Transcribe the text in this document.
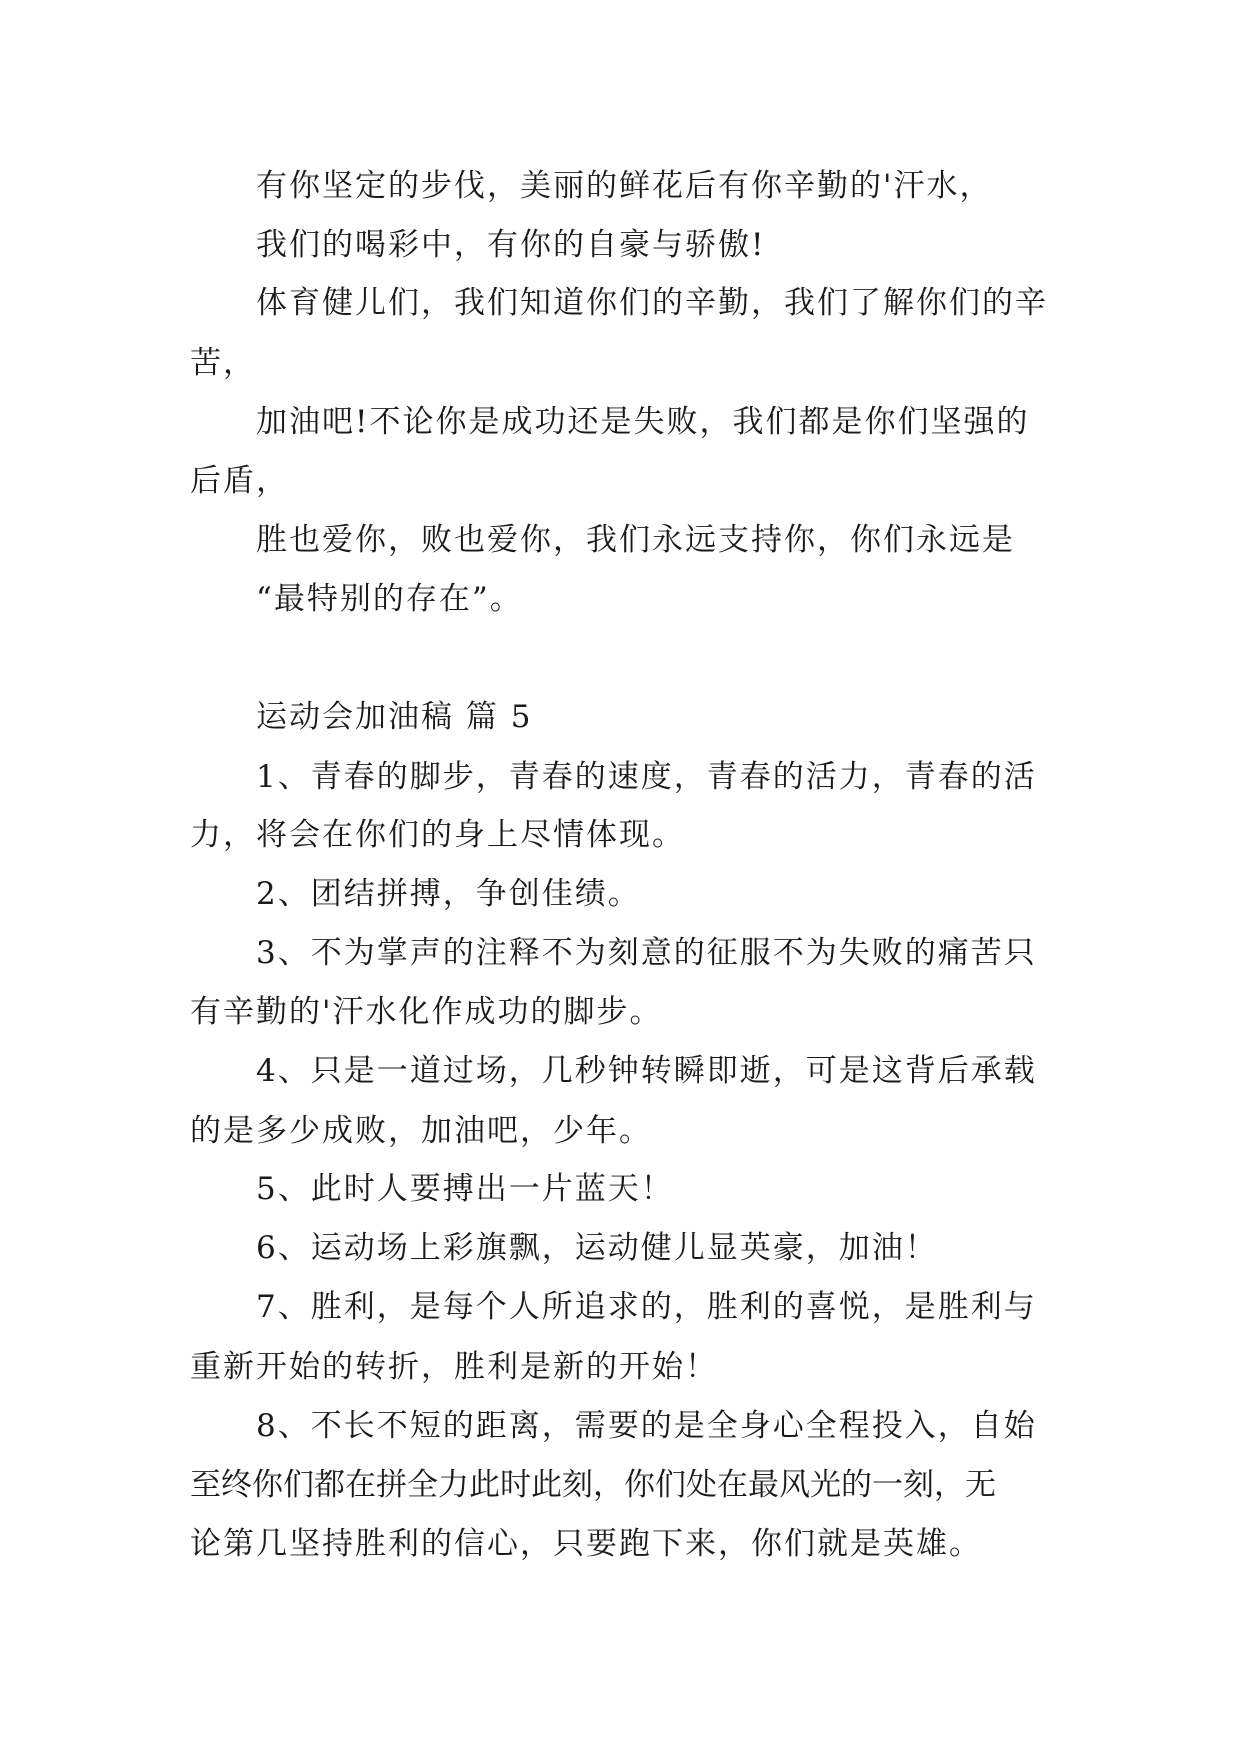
有你坚定的步伐，美丽的鲜花后有你辛勤的'汗水，
我们的喝彩中，有你的自豪与骄傲!
体育健儿们，我们知道你们的辛勤，我们了解你们的辛
苦，
加油吧!不论你是成功还是失败，我们都是你们坚强的
后盾，
胜也爱你，败也爱你，我们永远支持你，你们永远是
“最特别的存在”。
运动会加油稿 篇 5
1、青春的脚步，青春的速度，青春的活力，青春的活
力，将会在你们的身上尽情体现。
2、团结拼搏，争创佳绩。
3、不为掌声的注释不为刻意的征服不为失败的痛苦只
有辛勤的'汗水化作成功的脚步。
4、只是一道过场，几秒钟转瞬即逝，可是这背后承载
的是多少成败，加油吧，少年。
5、此时人要搏出一片蓝天！
6、运动场上彩旗飘，运动健儿显英豪，加油！
7、胜利，是每个人所追求的，胜利的喜悦，是胜利与
重新开始的转折，胜利是新的开始！
8、不长不短的距离，需要的是全身心全程投入，自始
至终你们都在拼全力此时此刻，你们处在最风光的一刻，无
论第几坚持胜利的信心，只要跑下来，你们就是英雄。
